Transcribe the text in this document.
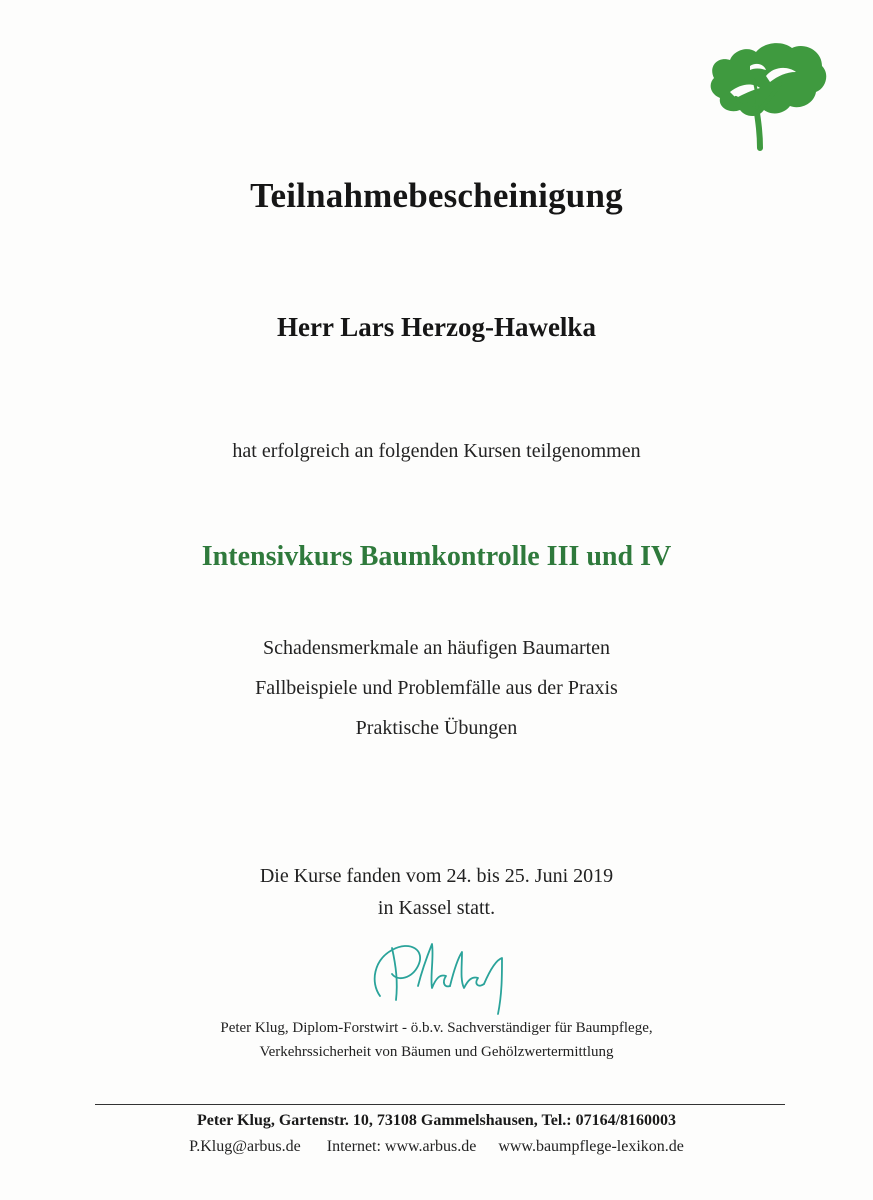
Teilnahmebescheinigung
Herr Lars Herzog-Hawelka
hat erfolgreich an folgenden Kursen teilgenommen
Intensivkurs Baumkontrolle III und IV
Schadensmerkmale an häufigen Baumarten
Fallbeispiele und Problemfälle aus der Praxis
Praktische Übungen
Die Kurse fanden vom 24. bis 25. Juni 2019
in Kassel statt.
Peter Klug, Diplom-Forstwirt - ö.b.v. Sachverständiger für Baumpflege,
Verkehrssicherheit von Bäumen und Gehölzwertermittlung
Peter Klug, Gartenstr. 10, 73108 Gammelshausen, Tel.: 07164/8160003
P.Klug@arbus.de Internet: www.arbus.de www.baumpflege-lexikon.de
